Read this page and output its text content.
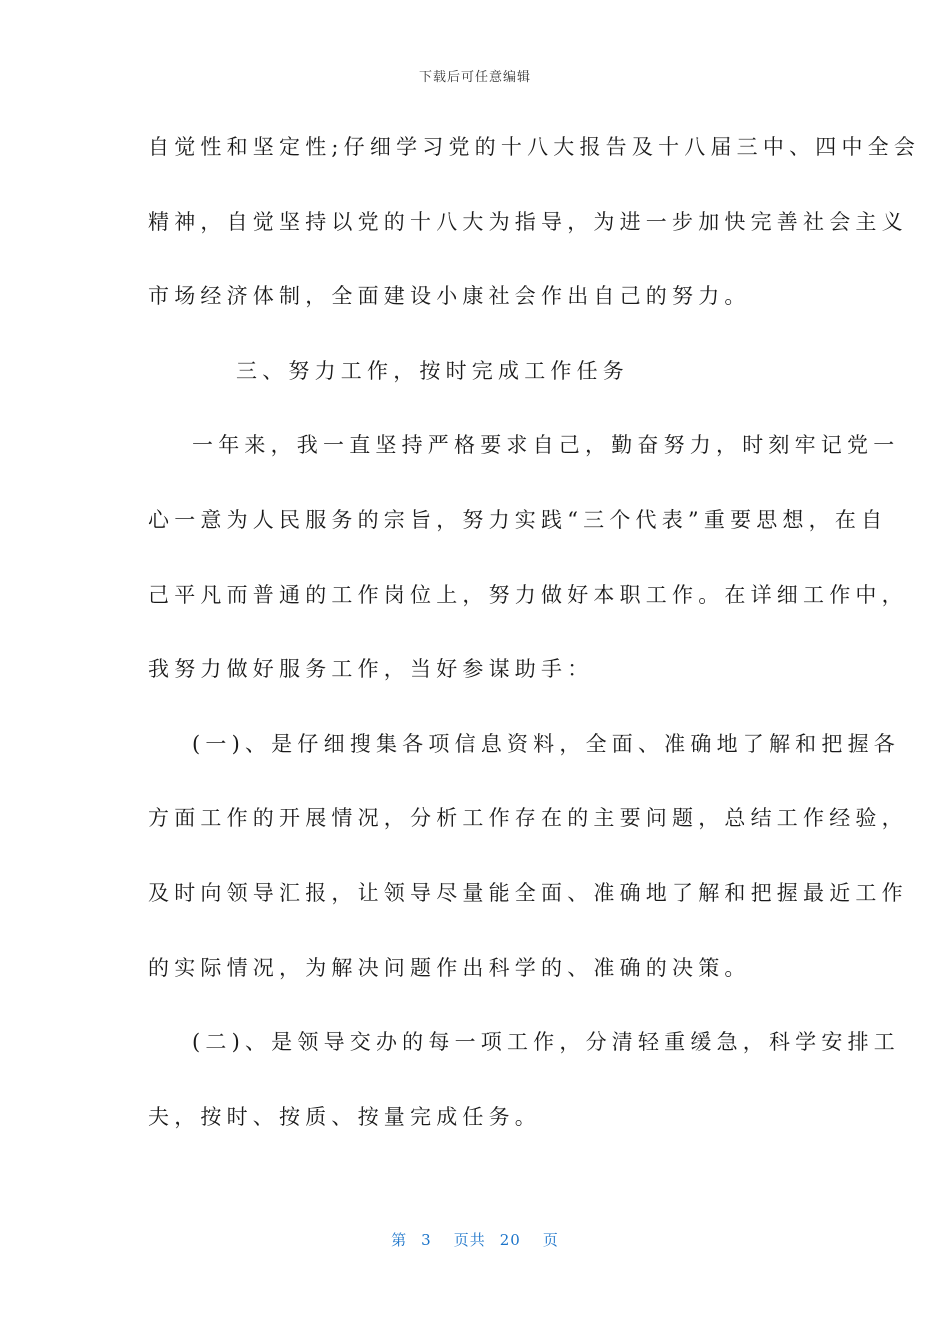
下载后可任意编辑
自觉性和坚定性;仔细学习党的十八大报告及十八届三中、四中全会
精神，自觉坚持以党的十八大为指导，为进一步加快完善社会主义
市场经济体制，全面建设小康社会作出自己的努力。
三、努力工作，按时完成工作任务
一年来，我一直坚持严格要求自己，勤奋努力，时刻牢记党一
心一意为人民服务的宗旨，努力实践“三个代表”重要思想，在自
己平凡而普通的工作岗位上，努力做好本职工作。在详细工作中，
我努力做好服务工作，当好参谋助手：
(一)、是仔细搜集各项信息资料，全面、准确地了解和把握各
方面工作的开展情况，分析工作存在的主要问题，总结工作经验，
及时向领导汇报，让领导尽量能全面、准确地了解和把握最近工作
的实际情况，为解决问题作出科学的、准确的决策。
(二)、是领导交办的每一项工作，分清轻重缓急，科学安排工
夫，按时、按质、按量完成任务。
第 3 页共 20 页
